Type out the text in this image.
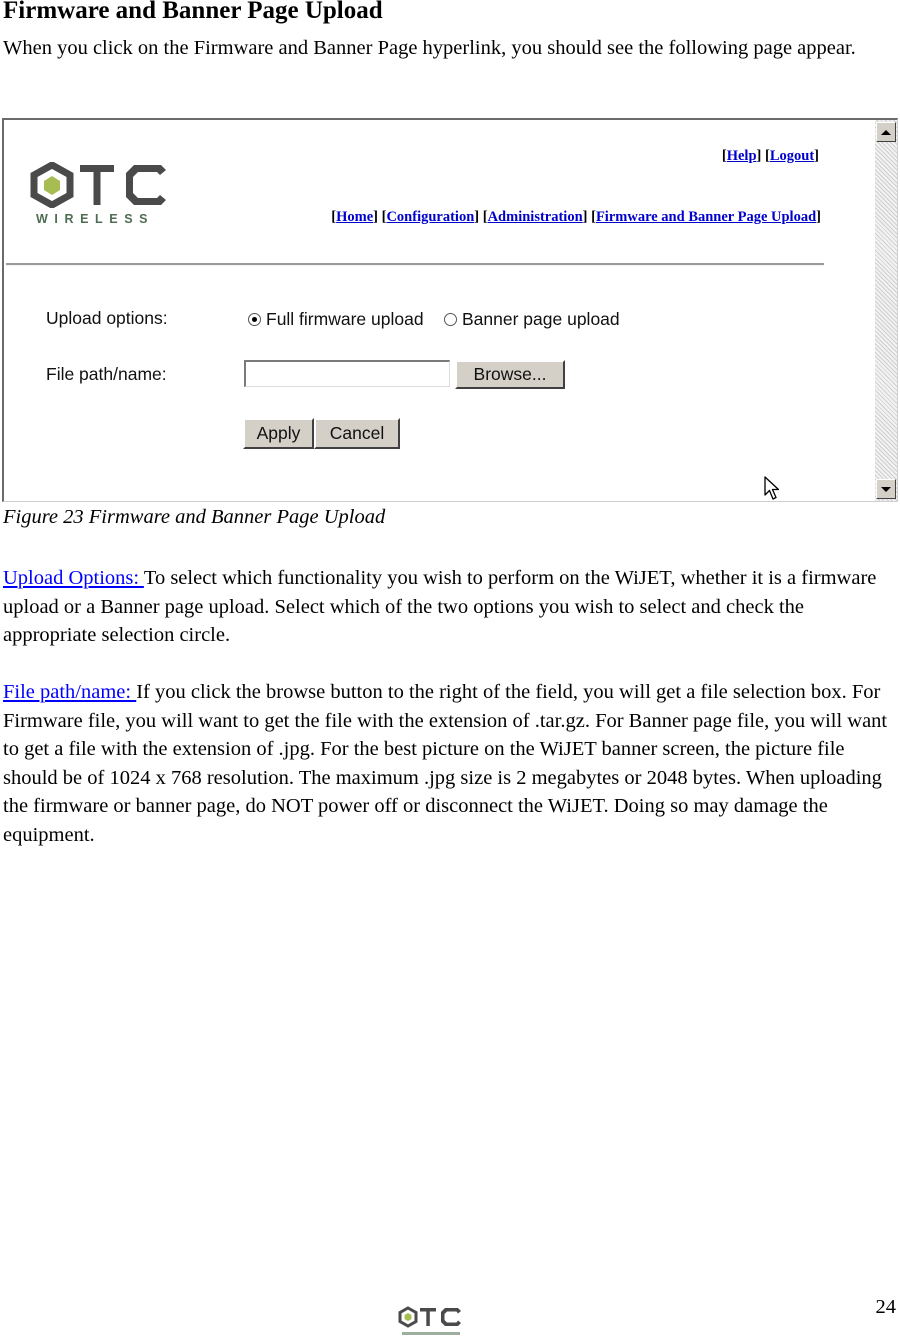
Firmware and Banner Page Upload

When you click on the Firmware and Banner Page hyperlink, you should see the following page appear.

WIRELESS
[Help] [Logout]
[Home] [Configuration] [Administration] [Firmware and Banner Page Upload]
Upload options:	Full firmware upload Banner page upload
File path/name:	Browse...
Apply	Cancel
Figure 23 Firmware and Banner Page Upload

Upload Options: To select which functionality you wish to perform on the WiJET, whether it is a firmware upload or a Banner page upload. Select which of the two options you wish to select and check the appropriate selection circle.

File path/name: If you click the browse button to the right of the field, you will get a file selection box. For Firmware file, you will want to get the file with the extension of .tar.gz. For Banner page file, you will want to get a file with the extension of .jpg. For the best picture on the WiJET banner screen, the picture file should be of 1024 x 768 resolution. The maximum .jpg size is 2 megabytes or 2048 bytes. When uploading the firmware or banner page, do NOT power off or disconnect the WiJET. Doing so may damage the equipment.

24
